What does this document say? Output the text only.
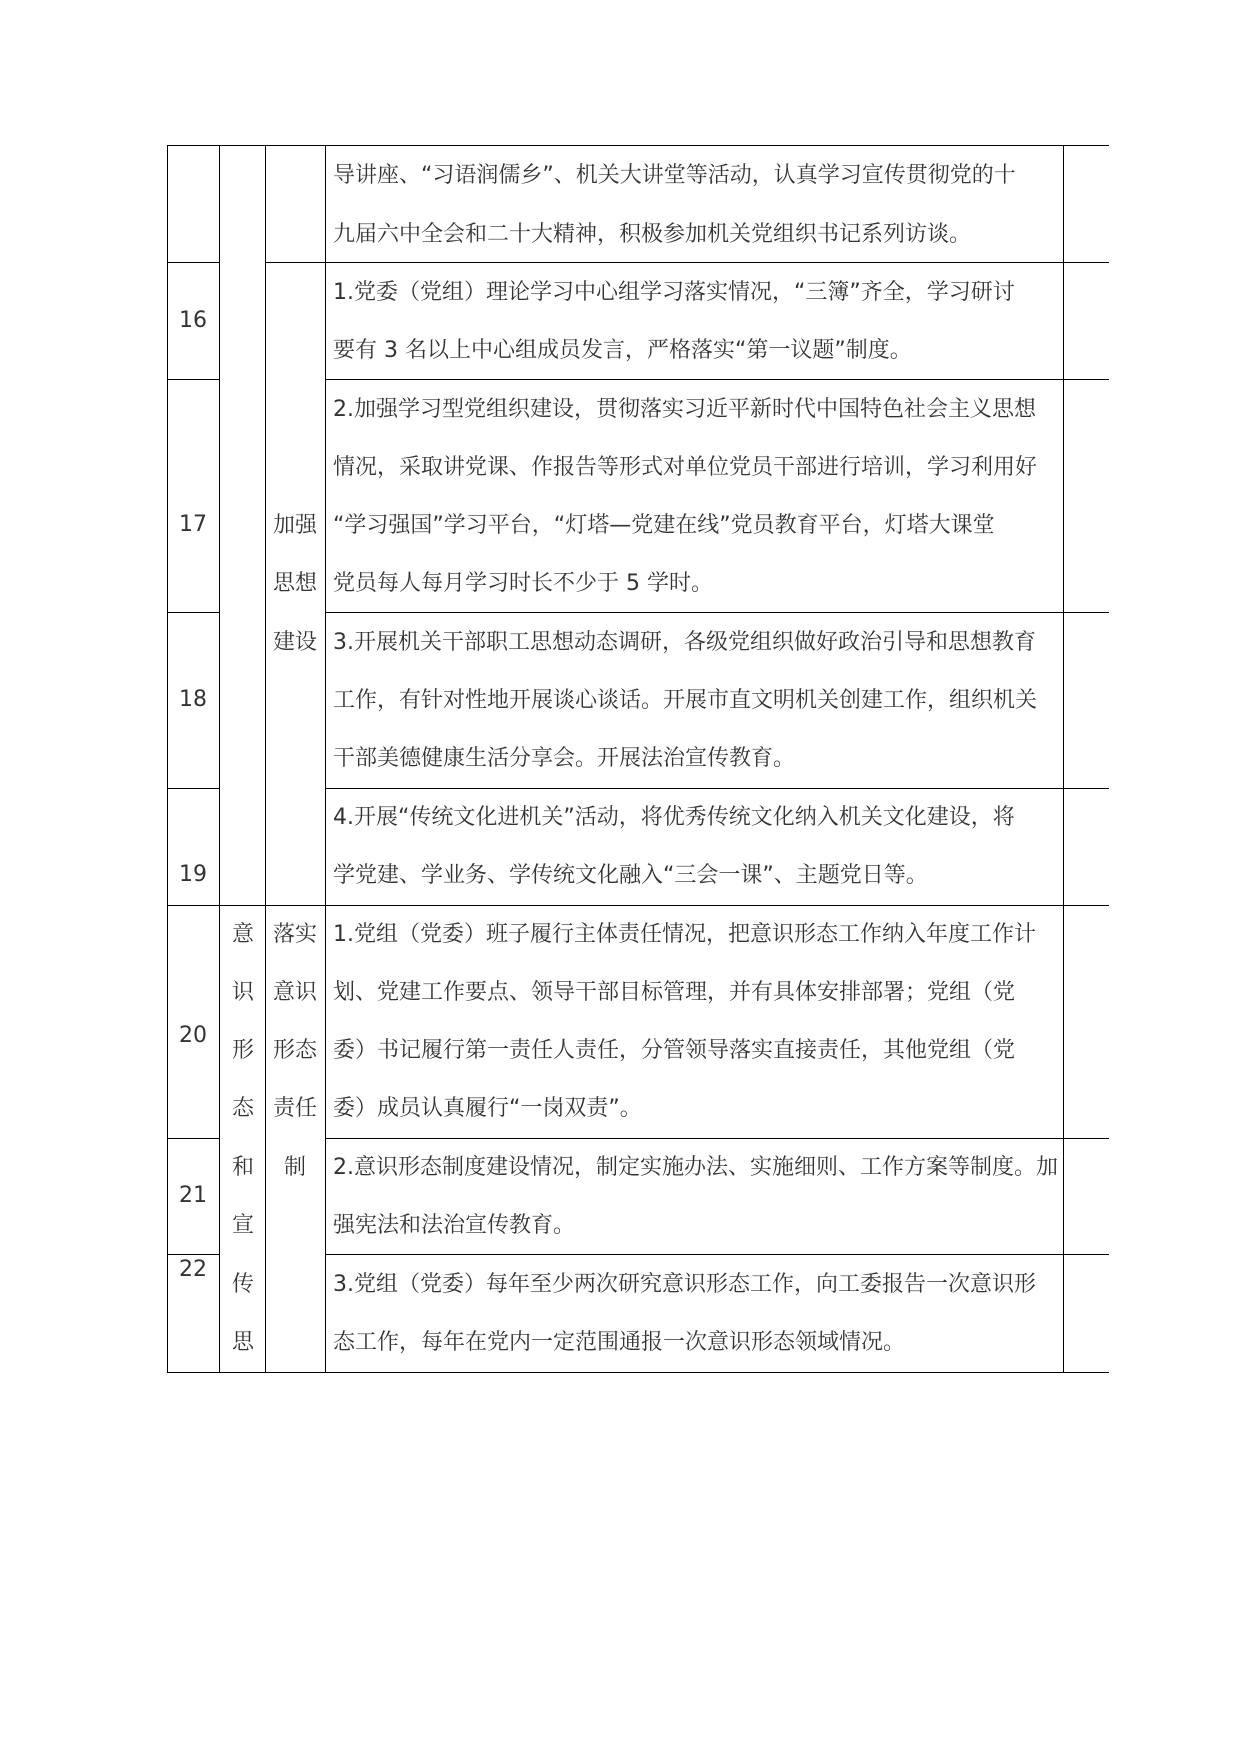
导讲座、“习语润儒乡”、机关大讲堂等活动，认真学习宣传贯彻党的十
九届六中全会和二十大精神，积极参加机关党组织书记系列访谈。
16
1.党委（党组）理论学习中心组学习落实情况，“三簿”齐全，学习研讨
要有 3 名以上中心组成员发言，严格落实“第一议题”制度。
17
2.加强学习型党组织建设，贯彻落实习近平新时代中国特色社会主义思想
情况，采取讲党课、作报告等形式对单位党员干部进行培训，学习利用好
“学习强国”学习平台，“灯塔—党建在线”党员教育平台，灯塔大课堂
党员每人每月学习时长不少于 5 学时。
18
3.开展机关干部职工思想动态调研，各级党组织做好政治引导和思想教育
工作，有针对性地开展谈心谈话。开展市直文明机关创建工作，组织机关
干部美德健康生活分享会。开展法治宣传教育。
19
4.开展“传统文化进机关”活动，将优秀传统文化纳入机关文化建设，将
学党建、学业务、学传统文化融入“三会一课”、主题党日等。
20
1.党组（党委）班子履行主体责任情况，把意识形态工作纳入年度工作计
划、党建工作要点、领导干部目标管理，并有具体安排部署；党组（党
委）书记履行第一责任人责任，分管领导落实直接责任，其他党组（党
委）成员认真履行“一岗双责”。
21
2.意识形态制度建设情况，制定实施办法、实施细则、工作方案等制度。加
强宪法和法治宣传教育。
22
3.党组（党委）每年至少两次研究意识形态工作，向工委报告一次意识形
态工作，每年在党内一定范围通报一次意识形态领域情况。
意
识
形
态
和
宣
传
思
加强
思想
建设
落实
意识
形态
责任
制
